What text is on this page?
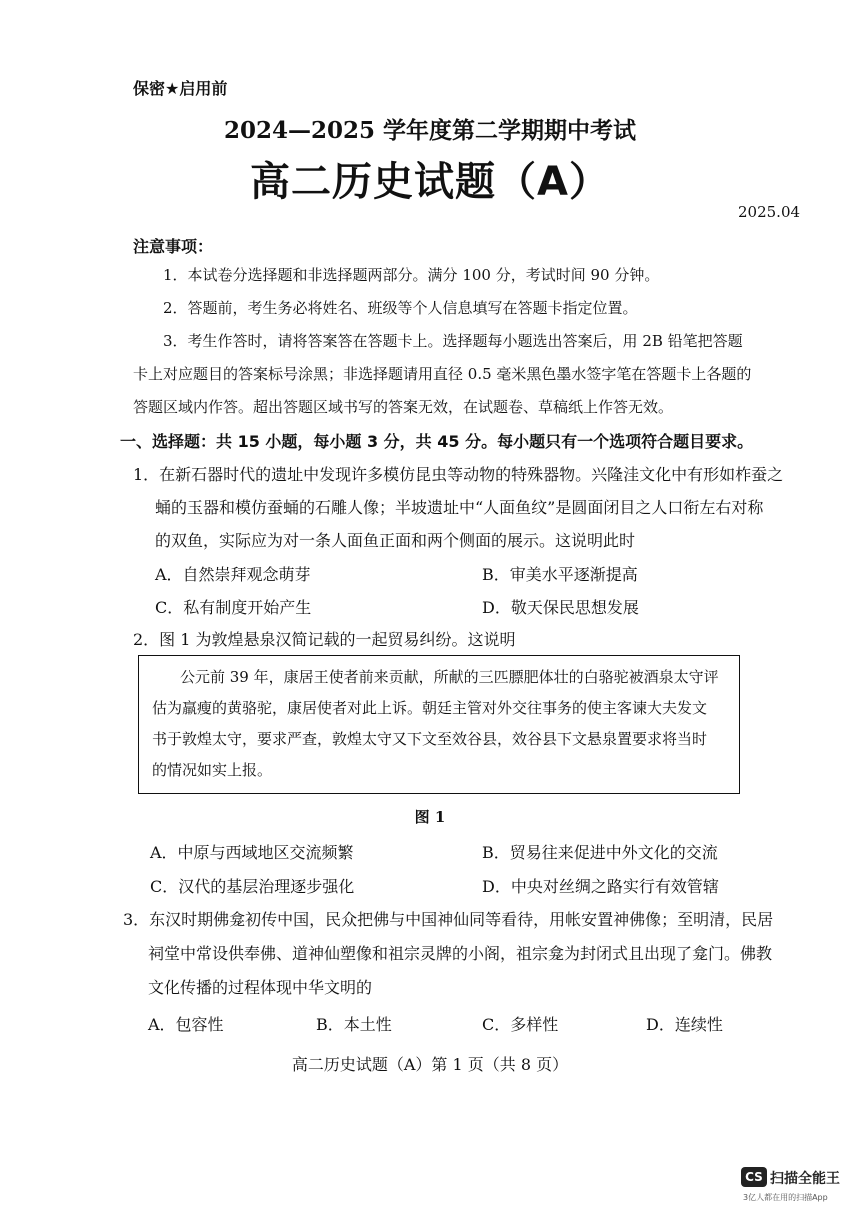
保密★启用前
2024—2025 学年度第二学期期中考试
高二历史试题（A）
2025.04
注意事项：
1．本试卷分选择题和非选择题两部分。满分 100 分，考试时间 90 分钟。
2．答题前，考生务必将姓名、班级等个人信息填写在答题卡指定位置。
3．考生作答时，请将答案答在答题卡上。选择题每小题选出答案后，用 2B 铅笔把答题
卡上对应题目的答案标号涂黑；非选择题请用直径 0.5 毫米黑色墨水签字笔在答题卡上各题的
答题区域内作答。超出答题区域书写的答案无效，在试题卷、草稿纸上作答无效。
一、选择题：共 15 小题，每小题 3 分，共 45 分。每小题只有一个选项符合题目要求。
1．在新石器时代的遗址中发现许多模仿昆虫等动物的特殊器物。兴隆洼文化中有形如柞蚕之
蛹的玉器和模仿蚕蛹的石雕人像；半坡遗址中“人面鱼纹”是圆面闭目之人口衔左右对称
的双鱼，实际应为对一条人面鱼正面和两个侧面的展示。这说明此时
A．自然崇拜观念萌芽	B．审美水平逐渐提高
C．私有制度开始产生	D．敬天保民思想发展
2．图 1 为敦煌悬泉汉简记载的一起贸易纠纷。这说明
公元前 39 年，康居王使者前来贡献，所献的三匹膘肥体壮的白骆驼被酒泉太守评
估为羸瘦的黄骆驼，康居使者对此上诉。朝廷主管对外交往事务的使主客谏大夫发文
书于敦煌太守，要求严查，敦煌太守又下文至效谷县，效谷县下文悬泉置要求将当时
的情况如实上报。
图 1
A．中原与西域地区交流频繁	B．贸易往来促进中外文化的交流
C．汉代的基层治理逐步强化	D．中央对丝绸之路实行有效管辖
3．东汉时期佛龛初传中国，民众把佛与中国神仙同等看待，用帐安置神佛像；至明清，民居
祠堂中常设供奉佛、道神仙塑像和祖宗灵牌的小阁，祖宗龛为封闭式且出现了龛门。佛教
文化传播的过程体现中华文明的
A．包容性	B．本土性	C．多样性	D．连续性
高二历史试题（A）第 1 页（共 8 页）
CS 扫描全能王
3亿人都在用的扫描App
